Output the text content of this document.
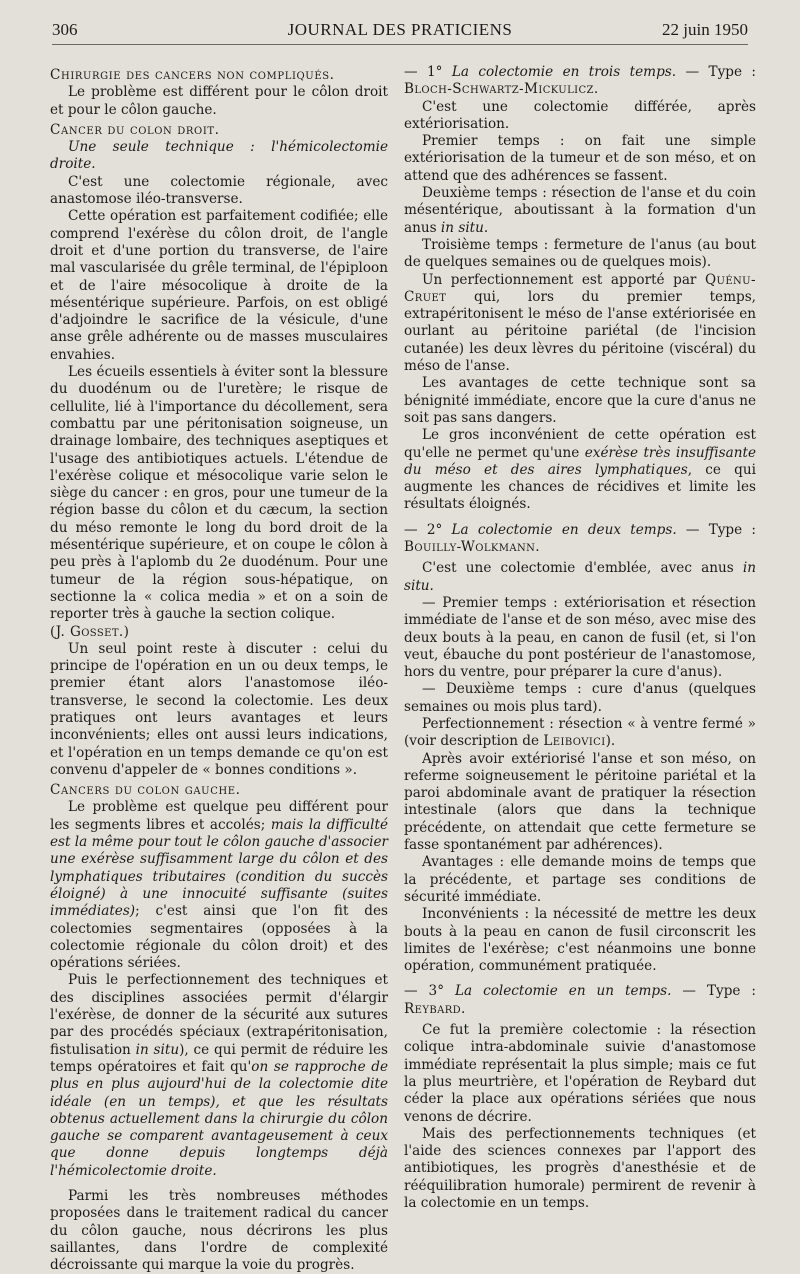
306	JOURNAL DES PRATICIENS	22 juin 1950

Chirurgie des cancers non compliqués.

Le problème est différent pour le côlon droit et pour le côlon gauche.

Cancer du colon droit.

Une seule technique : l'hémicolectomie droite.

C'est une colectomie régionale, avec anastomose iléo-transverse.

Cette opération est parfaitement codifiée; elle comprend l'exérèse du côlon droit, de l'angle droit et d'une portion du transverse, de l'aire mal vascularisée du grêle terminal, de l'épiploon et de l'aire mésocolique à droite de la mésentérique supérieure. Parfois, on est obligé d'adjoindre le sacrifice de la vésicule, d'une anse grêle adhérente ou de masses musculaires envahies.

Les écueils essentiels à éviter sont la blessure du duodénum ou de l'uretère; le risque de cellulite, lié à l'importance du décollement, sera combattu par une péritonisation soigneuse, un drainage lombaire, des techniques aseptiques et l'usage des antibiotiques actuels. L'étendue de l'exérèse colique et mésocolique varie selon le siège du cancer : en gros, pour une tumeur de la région basse du côlon et du cæcum, la section du méso remonte le long du bord droit de la mésentérique supérieure, et on coupe le côlon à peu près à l'aplomb du 2e duodénum. Pour une tumeur de la région sous-hépatique, on sectionne la « colica media » et on a soin de reporter très à gauche la section colique.
(J. Gosset.)

Un seul point reste à discuter : celui du principe de l'opération en un ou deux temps, le premier étant alors l'anastomose iléo-transverse, le second la colectomie. Les deux pratiques ont leurs avantages et leurs inconvénients; elles ont aussi leurs indications, et l'opération en un temps demande ce qu'on est convenu d'appeler de « bonnes conditions ».

Cancers du colon gauche.

Le problème est quelque peu différent pour les segments libres et accolés; mais la difficulté est la même pour tout le côlon gauche d'associer une exérèse suffisamment large du côlon et des lymphatiques tributaires (condition du succès éloigné) à une innocuité suffisante (suites immédiates); c'est ainsi que l'on fit des colectomies segmentaires (opposées à la colectomie régionale du côlon droit) et des opérations sériées.

Puis le perfectionnement des techniques et des disciplines associées permit d'élargir l'exérèse, de donner de la sécurité aux sutures par des procédés spéciaux (extrapéritonisation, fistulisation in situ), ce qui permit de réduire les temps opératoires et fait qu'on se rapproche de plus en plus aujourd'hui de la colectomie dite idéale (en un temps), et que les résultats obtenus actuellement dans la chirurgie du côlon gauche se comparent avantageusement à ceux que donne depuis longtemps déjà l'hémicolectomie droite.

Parmi les très nombreuses méthodes proposées dans le traitement radical du cancer du côlon gauche, nous décrirons les plus saillantes, dans l'ordre de complexité décroissante qui marque la voie du progrès.

— 1° La colectomie en trois temps. — Type : Bloch-Schwartz-Mickulicz.

C'est une colectomie différée, après extériorisation.

Premier temps : on fait une simple extériorisation de la tumeur et de son méso, et on attend que des adhérences se fassent.

Deuxième temps : résection de l'anse et du coin mésentérique, aboutissant à la formation d'un anus in situ.

Troisième temps : fermeture de l'anus (au bout de quelques semaines ou de quelques mois).

Un perfectionnement est apporté par Quénu-Cruet qui, lors du premier temps, extrapéritonisent le méso de l'anse extériorisée en ourlant au péritoine pariétal (de l'incision cutanée) les deux lèvres du péritoine (viscéral) du méso de l'anse.

Les avantages de cette technique sont sa bénignité immédiate, encore que la cure d'anus ne soit pas sans dangers.

Le gros inconvénient de cette opération est qu'elle ne permet qu'une exérèse très insuffisante du méso et des aires lymphatiques, ce qui augmente les chances de récidives et limite les résultats éloignés.

— 2° La colectomie en deux temps. — Type : Bouilly-Wolkmann.

C'est une colectomie d'emblée, avec anus in situ.

— Premier temps : extériorisation et résection immédiate de l'anse et de son méso, avec mise des deux bouts à la peau, en canon de fusil (et, si l'on veut, ébauche du pont postérieur de l'anastomose, hors du ventre, pour préparer la cure d'anus).

— Deuxième temps : cure d'anus (quelques semaines ou mois plus tard).

Perfectionnement : résection « à ventre fermé » (voir description de Leibovici).

Après avoir extériorisé l'anse et son méso, on referme soigneusement le péritoine pariétal et la paroi abdominale avant de pratiquer la résection intestinale (alors que dans la technique précédente, on attendait que cette fermeture se fasse spontanément par adhérences).

Avantages : elle demande moins de temps que la précédente, et partage ses conditions de sécurité immédiate.

Inconvénients : la nécessité de mettre les deux bouts à la peau en canon de fusil circonscrit les limites de l'exérèse; c'est néanmoins une bonne opération, communément pratiquée.

— 3° La colectomie en un temps. — Type : Reybard.

Ce fut la première colectomie : la résection colique intra-abdominale suivie d'anastomose immédiate représentait la plus simple; mais ce fut la plus meurtrière, et l'opération de Reybard dut céder la place aux opérations sériées que nous venons de décrire.

Mais des perfectionnements techniques (et l'aide des sciences connexes par l'apport des antibiotiques, les progrès d'anesthésie et de rééquilibration humorale) permirent de revenir à la colectomie en un temps.
